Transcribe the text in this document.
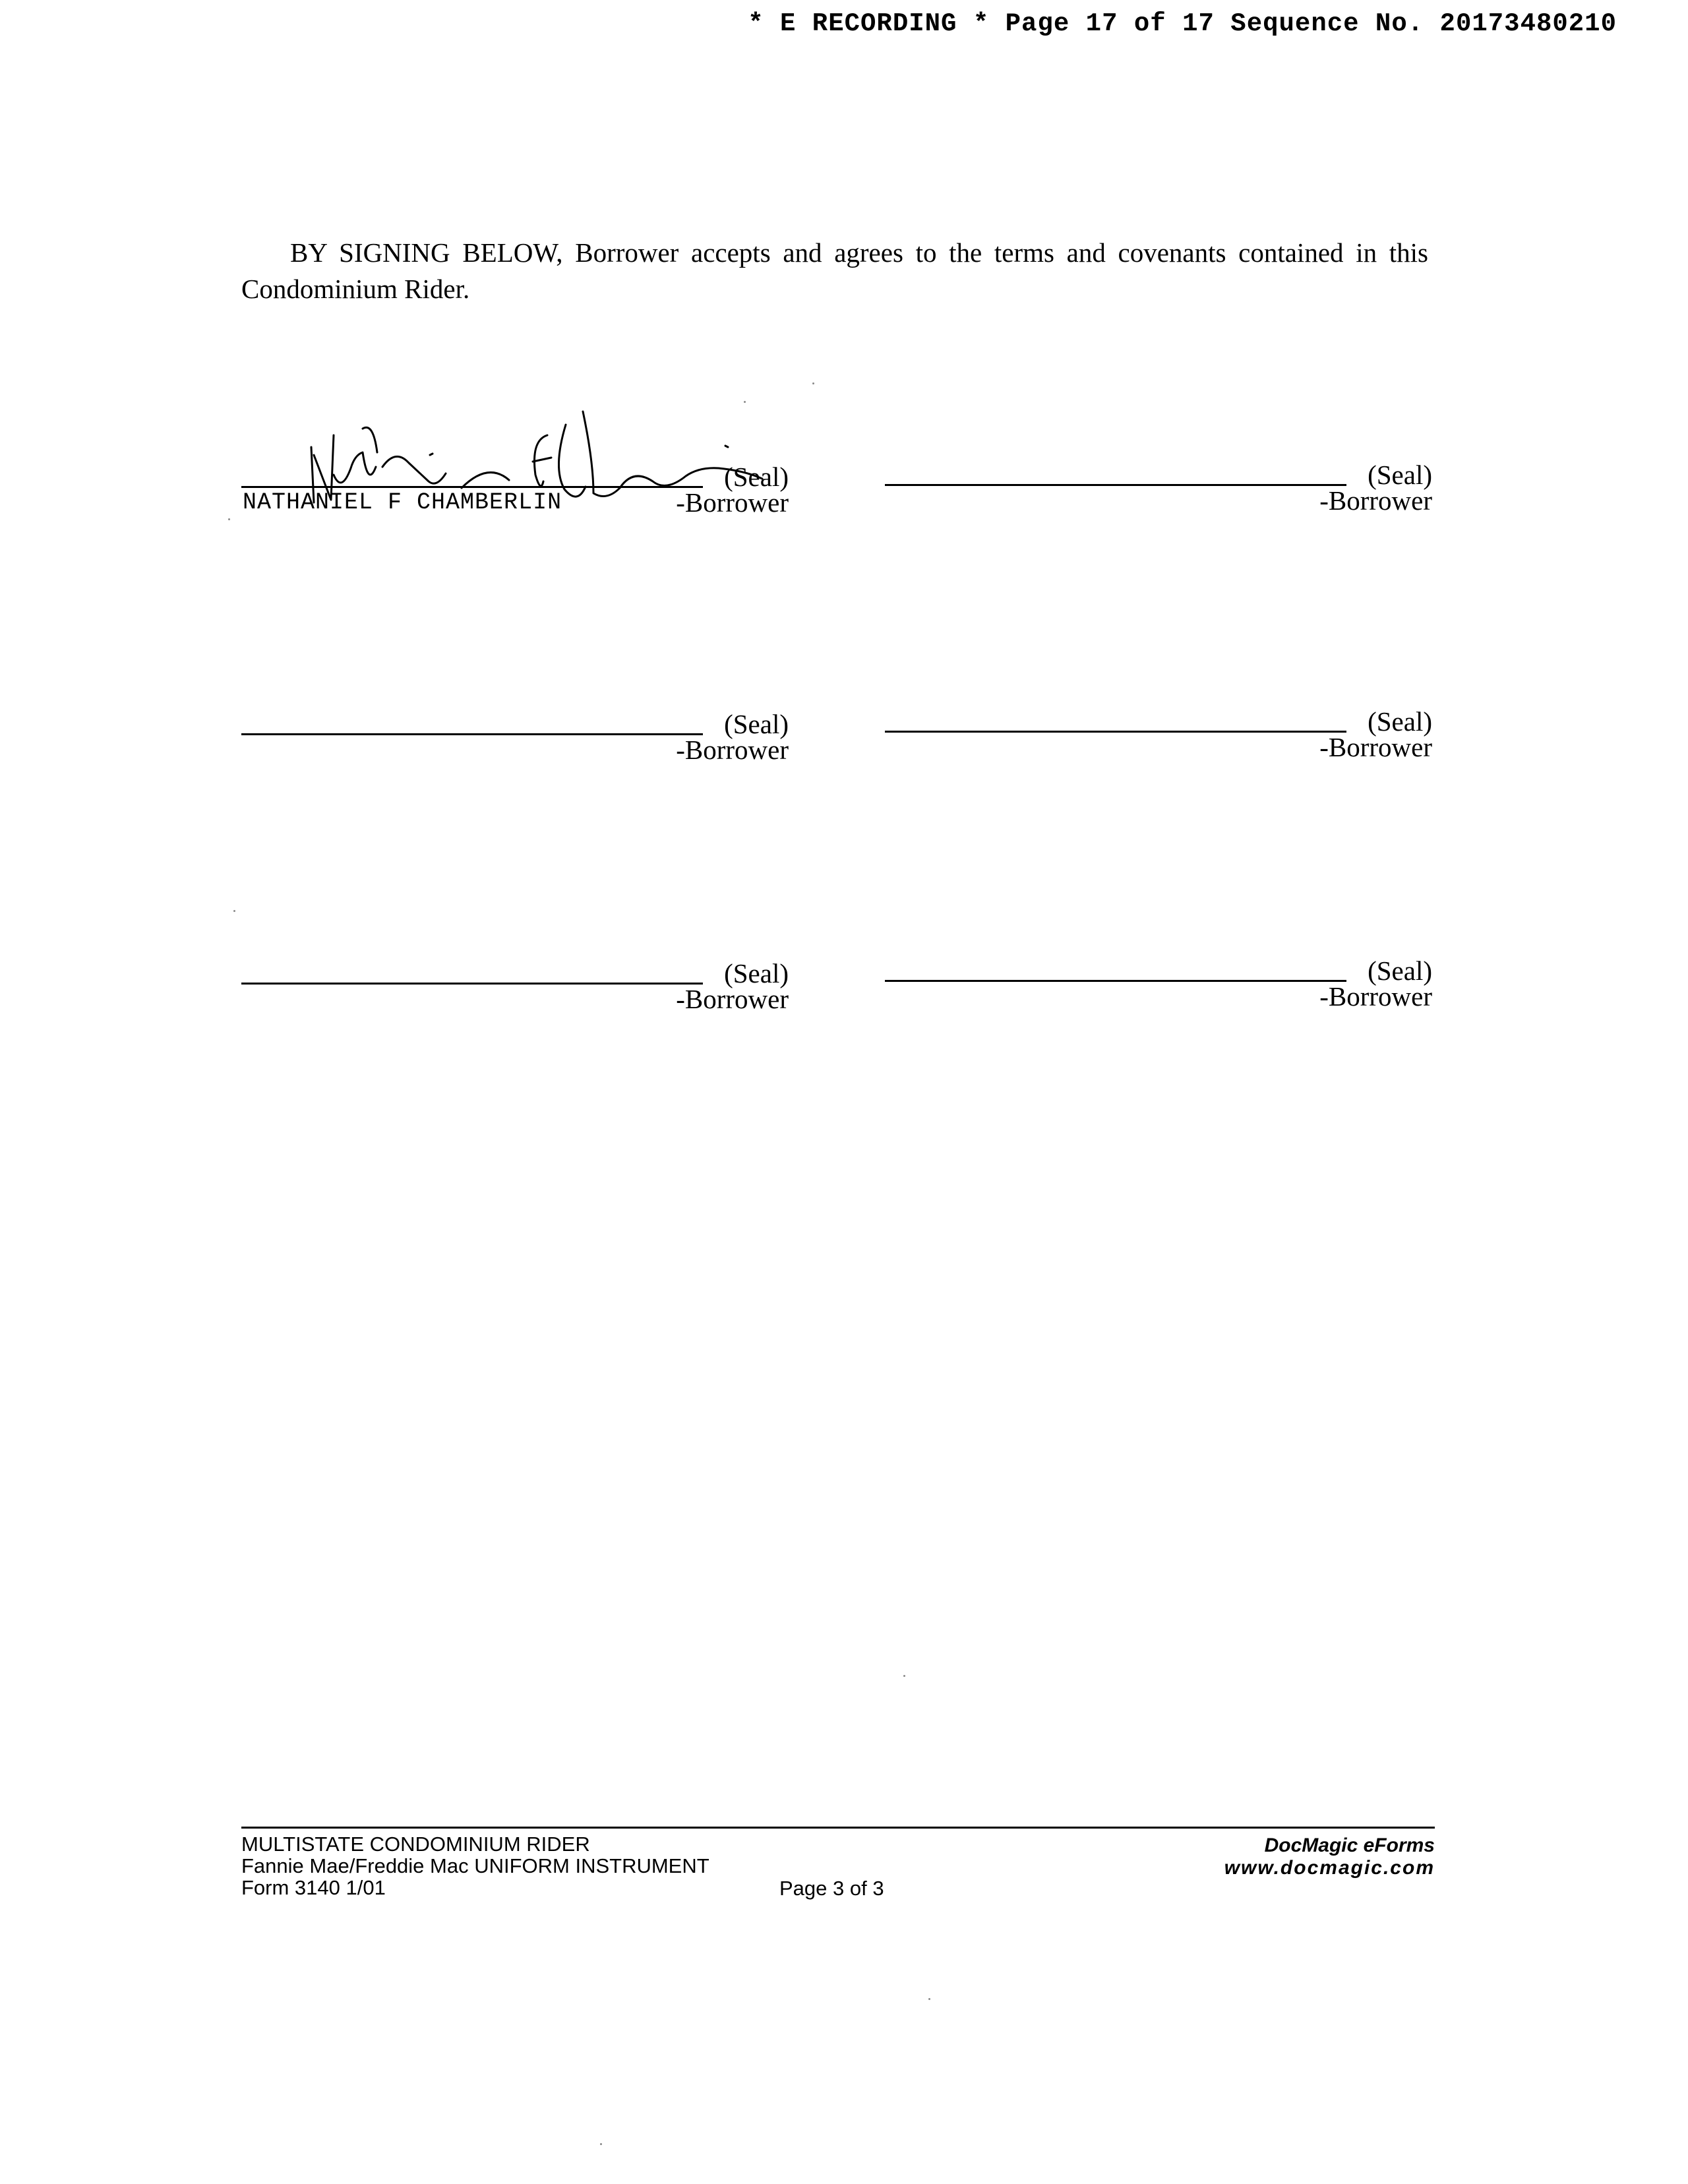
* E RECORDING * Page 17 of 17 Sequence No. 20173480210
BY SIGNING BELOW, Borrower accepts and agrees to the terms and covenants contained in this Condominium Rider.
(Seal)
-Borrower
NATHANIEL F CHAMBERLIN
(Seal)
-Borrower
(Seal)
-Borrower
(Seal)
-Borrower
(Seal)
-Borrower
(Seal)
-Borrower
MULTISTATE CONDOMINIUM RIDER
Fannie Mae/Freddie Mac UNIFORM INSTRUMENT
Form 3140 1/01	Page 3 of 3
DocMagic eForms
www.docmagic.com
